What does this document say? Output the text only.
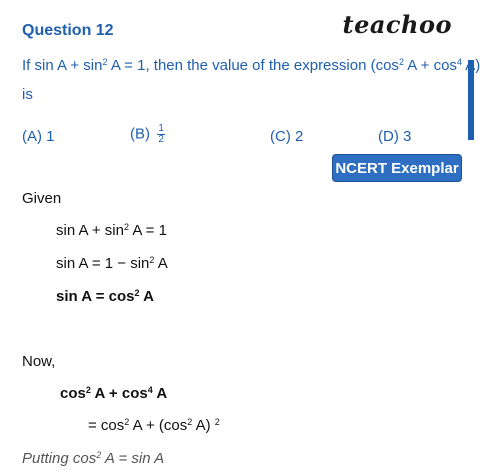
Question 12	teachoo
If $\sin A + \sin^2 A = 1$, then the value of the expression ($\cos^2$ $A + \cos^4 A$)
is
(A) 1	$(B) \frac{1}{2}$	(C) 2	(D) 3
NCERT Exemplar
Given
$\sin A + \sin^2 A = 1$
$\sin A = 1 - \sin^2 A$
$\sin A = \cos^2 A$
Now,
$\cos^2 A + \cos^4 A$
= $\cos^2 A + (\cos^2$ A) $^2$
Putting $\cos^2 A = \sin A$
